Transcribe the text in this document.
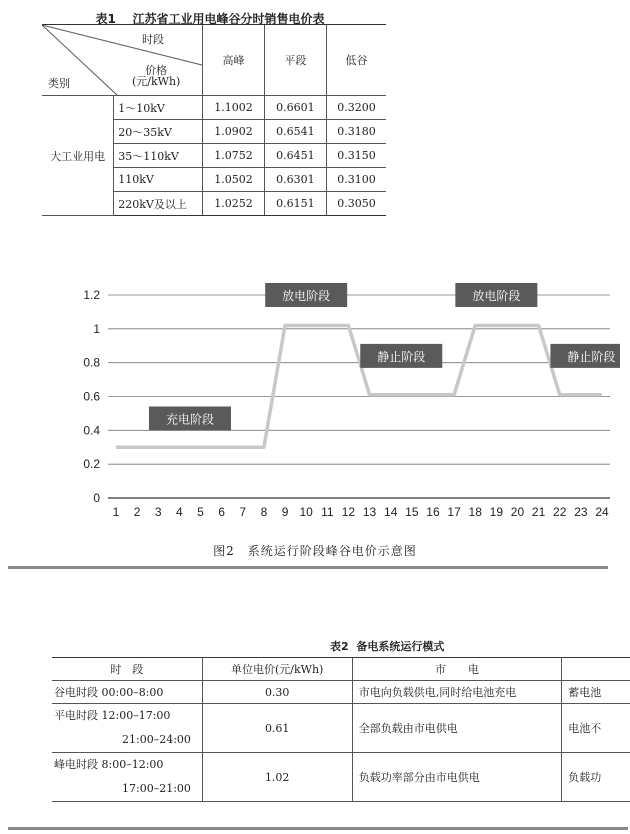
表1 江苏省工业用电峰谷分时销售电价表
时段
价格
(元/kWh)
类别		高峰	平段	低谷
大工业用电	1～10kV	1.1002	0.6601	0.3200
	20～35kV	1.0902	0.6541	0.3180
	35～110kV	1.0752	0.6451	0.3150
	110kV	1.0502	0.6301	0.3100
	220kV及以上	1.0252	0.6151	0.3050
0
0.2
0.4
0.6
0.8
1
1.2
1 2 3 4 5 6 7 8 9 10 11 12 13 14 15 16 17 18 19 20 21 22 23 24
充电阶段
放电阶段
静止阶段
放电阶段
静止阶段
图2　系统运行阶段峰谷电价示意图
表2 备电系统运行模式
时　段	单位电价(元/kWh)	市　　电	
谷电时段 00:00–8:00	0.30	市电向负载供电,同时给电池充电	蓄电池
平电时段 12:00–17:00
21:00–24:00	0.61	全部负载由市电供电	电池不
峰电时段 8:00–12:00
17:00–21:00	1.02	负载功率部分由市电供电	负载功
